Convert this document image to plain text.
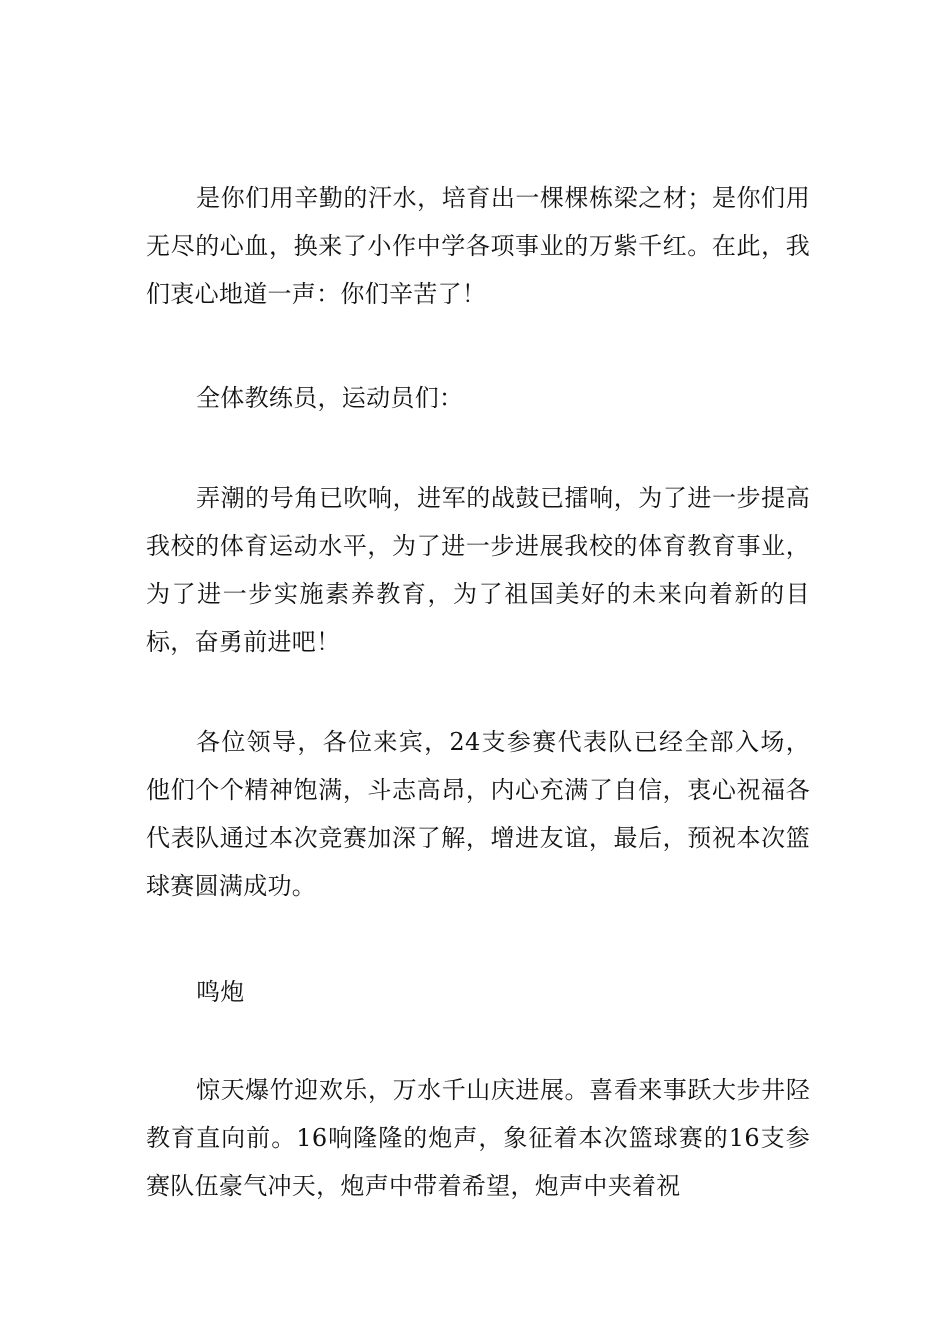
是你们用辛勤的汗水，培育出一棵棵栋梁之材；是你们用无尽的心血，换来了小作中学各项事业的万紫千红。在此，我们衷心地道一声：你们辛苦了！

全体教练员，运动员们：

弄潮的号角已吹响，进军的战鼓已擂响，为了进一步提高我校的体育运动水平，为了进一步进展我校的体育教育事业，为了进一步实施素养教育，为了祖国美好的未来向着新的目标，奋勇前进吧！

各位领导，各位来宾，24支参赛代表队已经全部入场，他们个个精神饱满，斗志高昂，内心充满了自信，衷心祝福各代表队通过本次竞赛加深了解，增进友谊，最后，预祝本次篮球赛圆满成功。

鸣炮

惊天爆竹迎欢乐，万水千山庆进展。喜看来事跃大步井陉教育直向前。16响隆隆的炮声，象征着本次篮球赛的16支参赛队伍豪气冲天，炮声中带着希望，炮声中夹着祝
